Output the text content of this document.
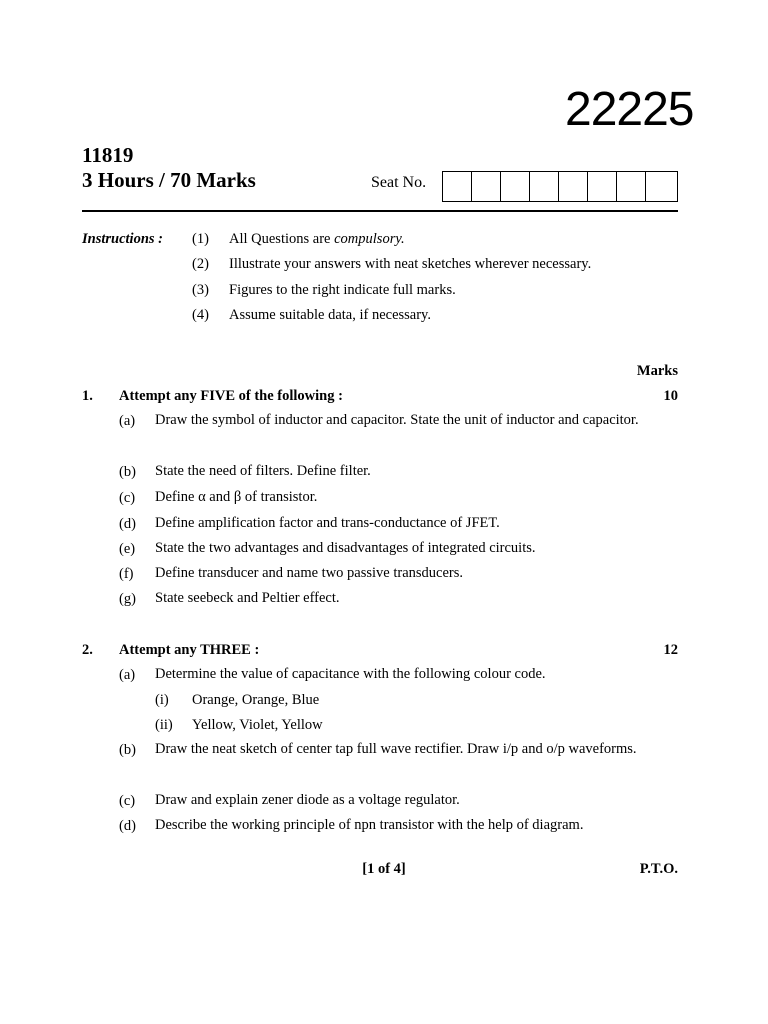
22225
11819
3 Hours / 70 Marks	Seat No.
Instructions : (1) All Questions are compulsory.
(2) Illustrate your answers with neat sketches wherever necessary.
(3) Figures to the right indicate full marks.
(4) Assume suitable data, if necessary.
Marks
1. Attempt any FIVE of the following :	10
(a) Draw the symbol of inductor and capacitor. State the unit of inductor and capacitor.
(b) State the need of filters. Define filter.
(c) Define α and β of transistor.
(d) Define amplification factor and trans-conductance of JFET.
(e) State the two advantages and disadvantages of integrated circuits.
(f) Define transducer and name two passive transducers.
(g) State seebeck and Peltier effect.
2. Attempt any THREE :	12
(a) Determine the value of capacitance with the following colour code.
(i) Orange, Orange, Blue
(ii) Yellow, Violet, Yellow
(b) Draw the neat sketch of center tap full wave rectifier. Draw i/p and o/p waveforms.
(c) Draw and explain zener diode as a voltage regulator.
(d) Describe the working principle of npn transistor with the help of diagram.
[1 of 4]	P.T.O.
